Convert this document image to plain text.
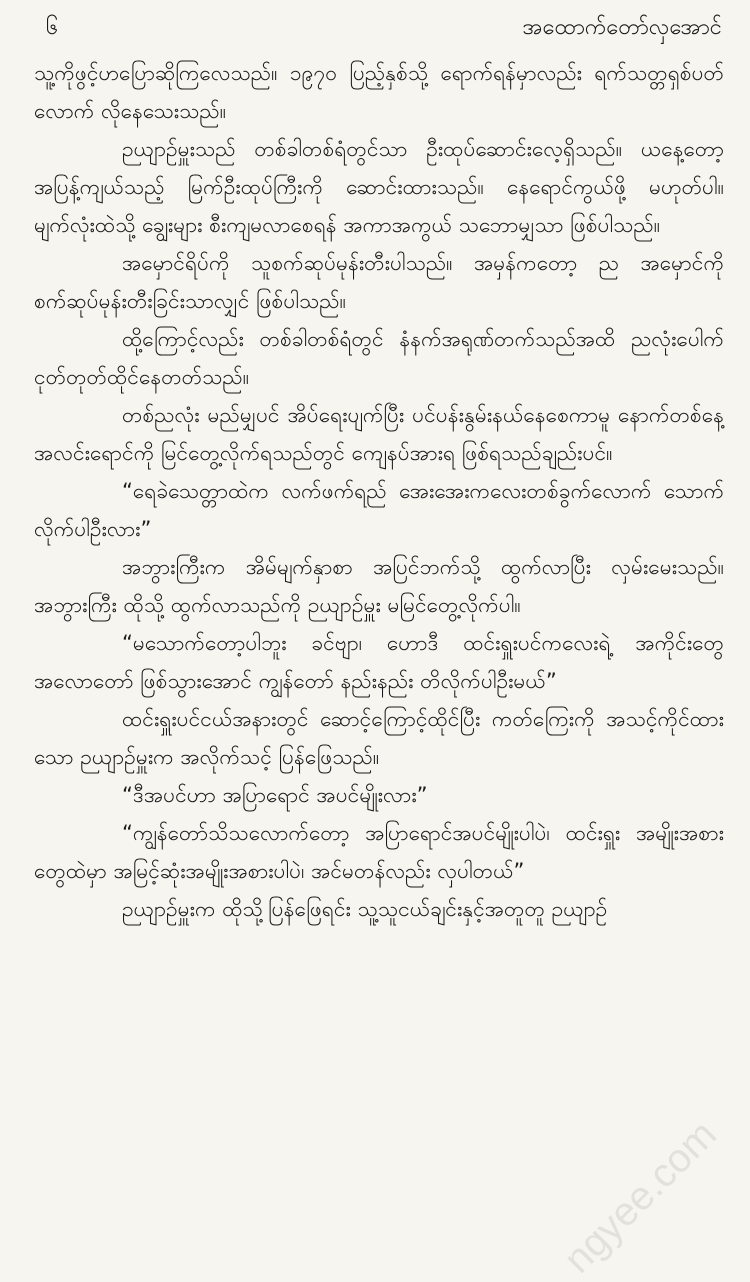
၆	အထောက်တော်လှအောင်

သူ့ကိုဖွင့်ဟပြောဆိုကြလေသည်။ ၁၉၇၀ ပြည့်နှစ်သို့ ရောက်ရန်မှာလည်း ရက်သတ္တရှစ်ပတ်လောက် လိုနေသေးသည်။

ဉယျာဉ်မှူးသည် တစ်ခါတစ်ရံတွင်သာ ဦးထုပ်ဆောင်းလေ့ရှိသည်။ ယနေ့တော့ အပြန့်ကျယ်သည့် မြက်ဦးထုပ်ကြီးကို ဆောင်းထားသည်။ နေရောင်ကွယ်ဖို့ မဟုတ်ပါ။ မျက်လုံးထဲသို့ ချွေးများ စီးကျမလာစေရန် အကာအကွယ် သဘောမျှသာ ဖြစ်ပါသည်။

အမှောင်ရိပ်ကို သူစက်ဆုပ်မုန်းတီးပါသည်။ အမှန်ကတော့ ည အမှောင်ကို စက်ဆုပ်မုန်းတီးခြင်းသာလျှင် ဖြစ်ပါသည်။

ထို့ကြောင့်လည်း တစ်ခါတစ်ရံတွင် နံနက်အရုဏ်တက်သည်အထိ ညလုံးပေါက် ငုတ်တုတ်ထိုင်နေတတ်သည်။

တစ်ညလုံး မည်မျှပင် အိပ်ရေးပျက်ပြီး ပင်ပန်းနွမ်းနယ်နေစေကာမူ နောက်တစ်နေ့ အလင်းရောင်ကို မြင်တွေ့လိုက်ရသည်တွင် ကျေနပ်အားရ ဖြစ်ရသည်ချည်းပင်။

“ရေခဲသေတ္တာထဲက လက်ဖက်ရည် အေးအေးကလေးတစ်ခွက်လောက် သောက်လိုက်ပါဦးလား”

အဘွားကြီးက အိမ်မျက်နှာစာ အပြင်ဘက်သို့ ထွက်လာပြီး လှမ်းမေးသည်။ အဘွားကြီး ထိုသို့ ထွက်လာသည်ကို ဉယျာဉ်မှူး မမြင်တွေ့လိုက်ပါ။

“မသောက်တော့ပါဘူး ခင်ဗျာ၊ ဟောဒီ ထင်းရှူးပင်ကလေးရဲ့ အကိုင်းတွေ အလောတော် ဖြစ်သွားအောင် ကျွန်တော် နည်းနည်း တိလိုက်ပါဦးမယ်”

ထင်းရှူးပင်ငယ်အနားတွင် ဆောင့်ကြောင့်ထိုင်ပြီး ကတ်ကြေးကို အသင့်ကိုင်ထားသော ဉယျာဉ်မှူးက အလိုက်သင့် ပြန်ဖြေသည်။

“ဒီအပင်ဟာ အပြာရောင် အပင်မျိုးလား”

“ကျွန်တော်သိသလောက်တော့ အပြာရောင်အပင်မျိုးပါပဲ၊ ထင်းရှူး အမျိုးအစားတွေထဲမှာ အမြင့်ဆုံးအမျိုးအစားပါပဲ၊ အင်မတန်လည်း လှပါတယ်”

ဉယျာဉ်မှူးက ထိုသို့ပြန်ဖြေရင်း သူ့သူငယ်ချင်းနှင့်အတူတူ ဉယျာဉ်

ngyee.com
